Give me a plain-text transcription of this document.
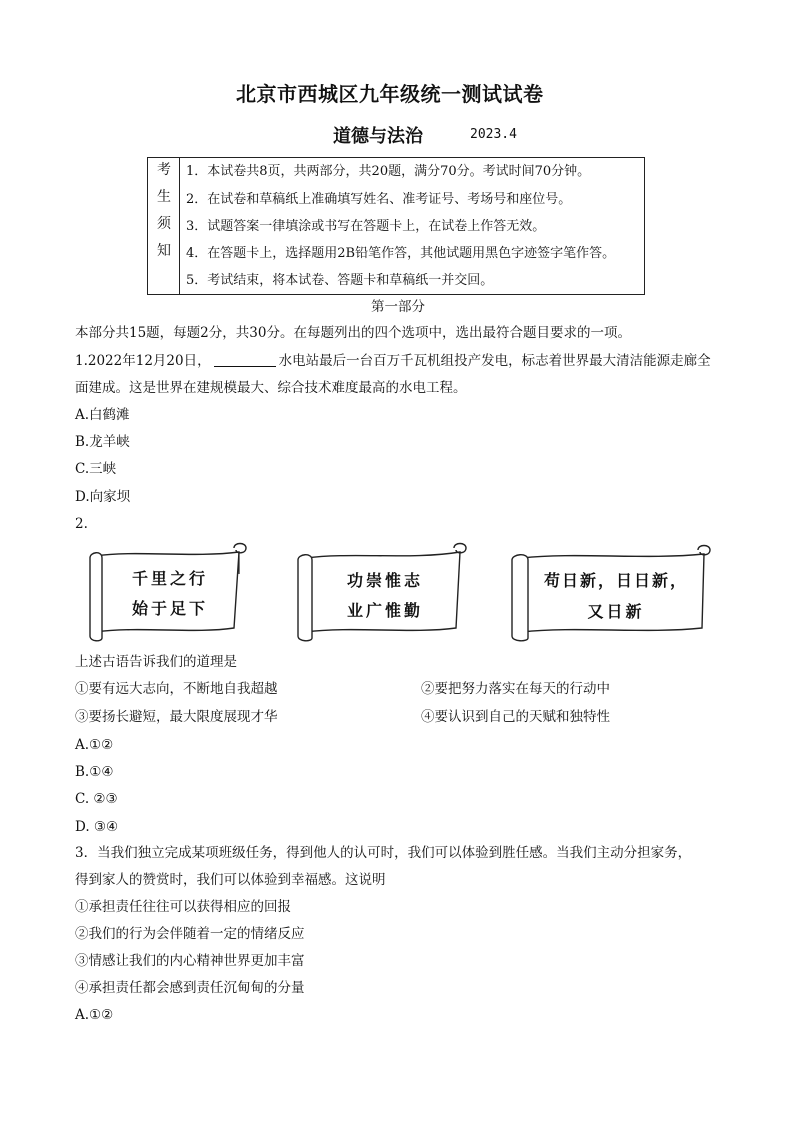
北京市西城区九年级统一测试试卷
道德与法治	2023.4
考
生
须
知
1．本试卷共8页，共两部分，共20题，满分70分。考试时间70分钟。
2．在试卷和草稿纸上准确填写姓名、准考证号、考场号和座位号。
3．试题答案一律填涂或书写在答题卡上，在试卷上作答无效。
4．在答题卡上，选择题用2B铅笔作答，其他试题用黑色字迹签字笔作答。
5．考试结束，将本试卷、答题卡和草稿纸一并交回。
第一部分
本部分共15题，每题2分，共30分。在每题列出的四个选项中，选出最符合题目要求的一项。
1.2022年12月20日，	水电站最后一台百万千瓦机组投产发电，标志着世界最大清洁能源走廊全
面建成。这是世界在建规模最大、综合技术难度最高的水电工程。
A.白鹤滩
B.龙羊峡
C.三峡
D.向家坝
2.
千里之行
始于足下
功崇惟志
业广惟勤
苟日新，日日新，
又日新
上述古语告诉我们的道理是
①要有远大志向，不断地自我超越	②要把努力落实在每天的行动中
③要扬长避短，最大限度展现才华	④要认识到自己的天赋和独特性
A.①②
B.①④
C. ②③
D. ③④
3．当我们独立完成某项班级任务，得到他人的认可时，我们可以体验到胜任感。当我们主动分担家务，
得到家人的赞赏时，我们可以体验到幸福感。这说明
①承担责任往往可以获得相应的回报
②我们的行为会伴随着一定的情绪反应
③情感让我们的内心精神世界更加丰富
④承担责任都会感到责任沉甸甸的分量
A.①②
